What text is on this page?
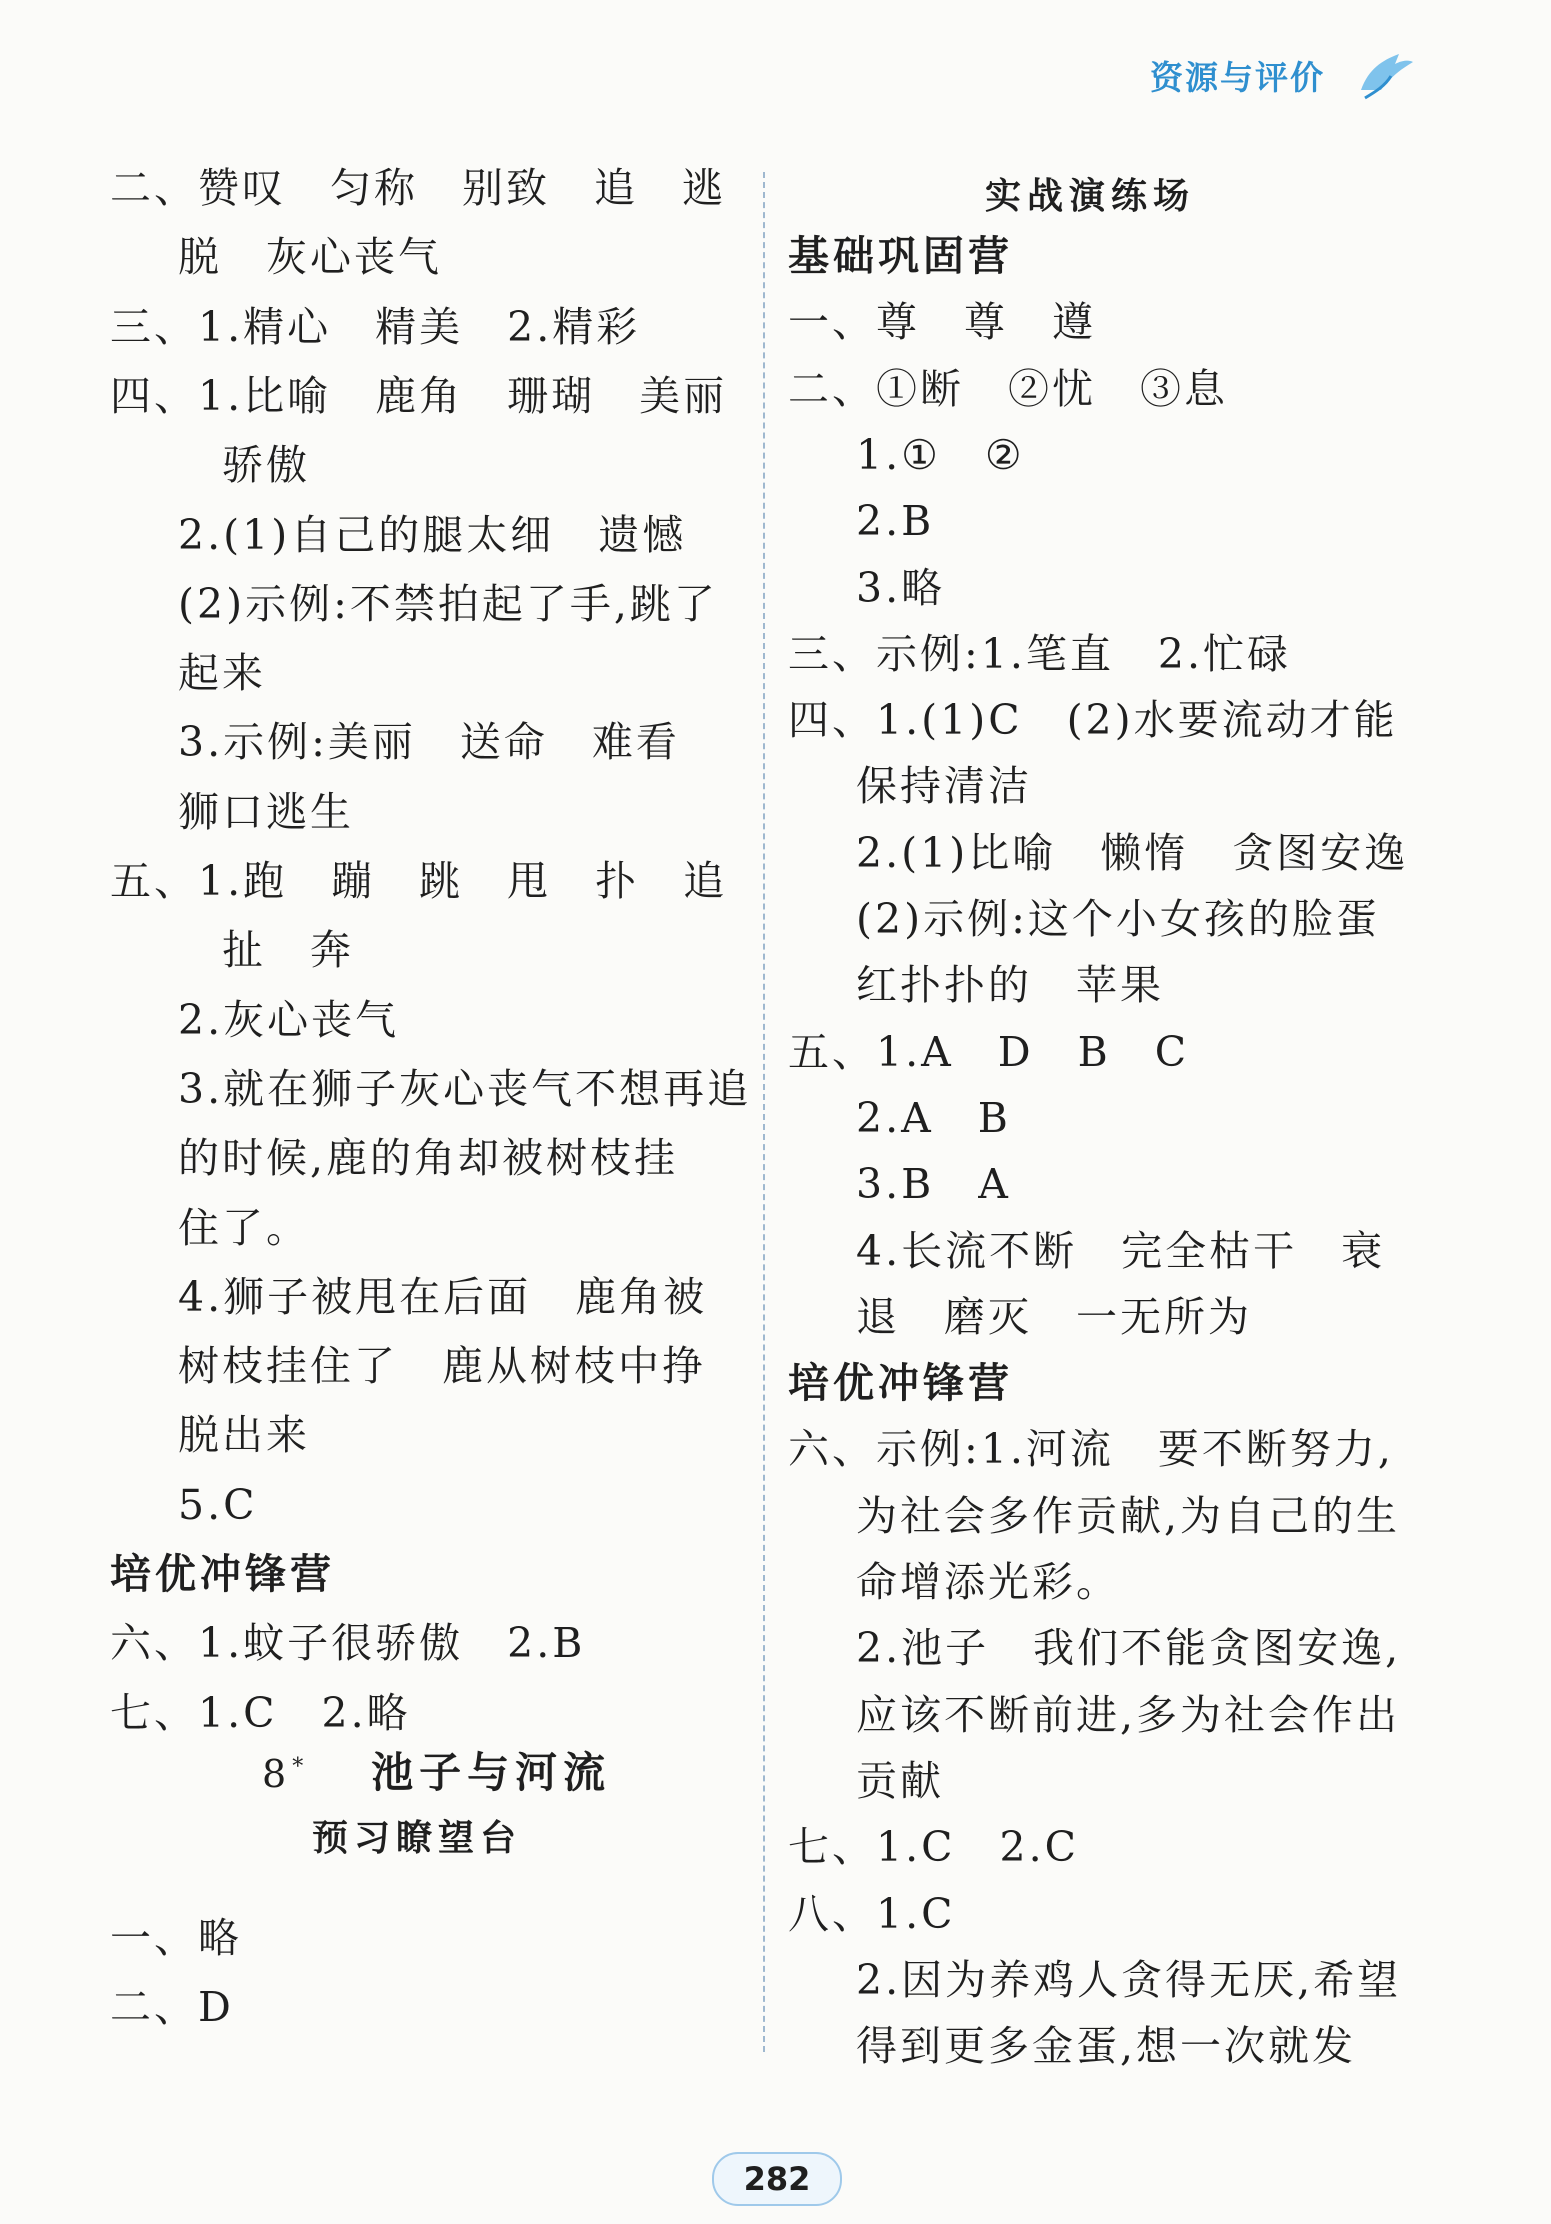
资源与评价
二、赞叹　匀称　别致　追　逃
脱　灰心丧气
三、1.精心　精美　2.精彩
四、1.比喻　鹿角　珊瑚　美丽
骄傲
2.(1)自己的腿太细　遗憾
(2)示例:不禁拍起了手,跳了
起来
3.示例:美丽　送命　难看
狮口逃生
五、1.跑　蹦　跳　甩　扑　追
扯　奔
2.灰心丧气
3.就在狮子灰心丧气不想再追
的时候,鹿的角却被树枝挂
住了。
4.狮子被甩在后面　鹿角被
树枝挂住了　鹿从树枝中挣
脱出来
5.C
培优冲锋营
六、1.蚊子很骄傲　2.B
七、1.C　2.略
8* 池子与河流
预习瞭望台
一、略
二、D
实战演练场
基础巩固营
一、尊　尊　遵
二、①断　②忧　③息
1.①　②
2.B
3.略
三、示例:1.笔直　2.忙碌
四、1.(1)C　(2)水要流动才能
保持清洁
2.(1)比喻　懒惰　贪图安逸
(2)示例:这个小女孩的脸蛋
红扑扑的　苹果
五、1.A　D　B　C
2.A　B
3.B　A
4.长流不断　完全枯干　衰
退　磨灭　一无所为
培优冲锋营
六、示例:1.河流　要不断努力,
为社会多作贡献,为自己的生
命增添光彩。
2.池子　我们不能贪图安逸,
应该不断前进,多为社会作出
贡献
七、1.C　2.C
八、1.C
2.因为养鸡人贪得无厌,希望
得到更多金蛋,想一次就发
282
